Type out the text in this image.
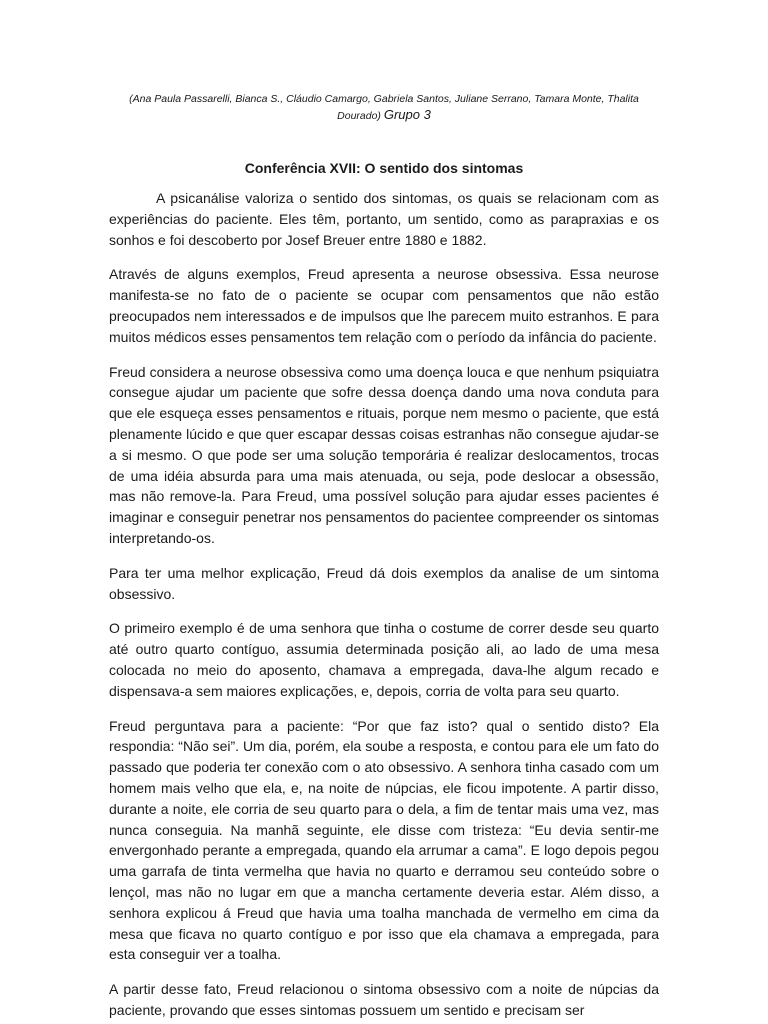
(Ana Paula Passarelli, Bianca S., Cláudio Camargo, Gabriela Santos, Juliane Serrano, Tamara Monte, Thalita Dourado) Grupo 3
Conferência XVII: O sentido dos sintomas

A psicanálise valoriza o sentido dos sintomas, os quais se relacionam com as experiências do paciente. Eles têm, portanto, um sentido, como as parapraxias e os sonhos e foi descoberto por Josef Breuer entre 1880 e 1882.

Através de alguns exemplos, Freud apresenta a neurose obsessiva. Essa neurose manifesta-se no fato de o paciente se ocupar com pensamentos que não estão preocupados nem interessados e de impulsos que lhe parecem muito estranhos. E para muitos médicos esses pensamentos tem relação com o período da infância do paciente.

Freud considera a neurose obsessiva como uma doença louca e que nenhum psiquiatra consegue ajudar um paciente que sofre dessa doença dando uma nova conduta para que ele esqueça esses pensamentos e rituais, porque nem mesmo o paciente, que está plenamente lúcido e que quer escapar dessas coisas estranhas não consegue ajudar-se a si mesmo. O que pode ser uma solução temporária é realizar deslocamentos, trocas de uma idéia absurda para uma mais atenuada, ou seja, pode deslocar a obsessão, mas não remove-la. Para Freud, uma possível solução para ajudar esses pacientes é imaginar e conseguir penetrar nos pensamentos do pacientee compreender os sintomas interpretando-os.

Para ter uma melhor explicação, Freud dá dois exemplos da analise de um sintoma obsessivo.

O primeiro exemplo é de uma senhora que tinha o costume de correr desde seu quarto até outro quarto contíguo, assumia determinada posição ali, ao lado de uma mesa colocada no meio do aposento, chamava a empregada, dava-lhe algum recado e dispensava-a sem maiores explicações, e, depois, corria de volta para seu quarto.

Freud perguntava para a paciente: “Por que faz isto? qual o sentido disto? Ela respondia: “Não sei”. Um dia, porém, ela soube a resposta, e contou para ele um fato do passado que poderia ter conexão com o ato obsessivo. A senhora tinha casado com um homem mais velho que ela, e, na noite de núpcias, ele ficou impotente. A partir disso, durante a noite, ele corria de seu quarto para o dela, a fim de tentar mais uma vez, mas nunca conseguia. Na manhã seguinte, ele disse com tristeza: “Eu devia sentir-me envergonhado perante a empregada, quando ela arrumar a cama”. E logo depois pegou uma garrafa de tinta vermelha que havia no quarto e derramou seu conteúdo sobre o lençol, mas não no lugar em que a mancha certamente deveria estar. Além disso, a senhora explicou á Freud que havia uma toalha manchada de vermelho em cima da mesa que ficava no quarto contíguo e por isso que ela chamava a empregada, para esta conseguir ver a toalha.

A partir desse fato, Freud relacionou o sintoma obsessivo com a noite de núpcias da paciente, provando que esses sintomas possuem um sentido e precisam ser
